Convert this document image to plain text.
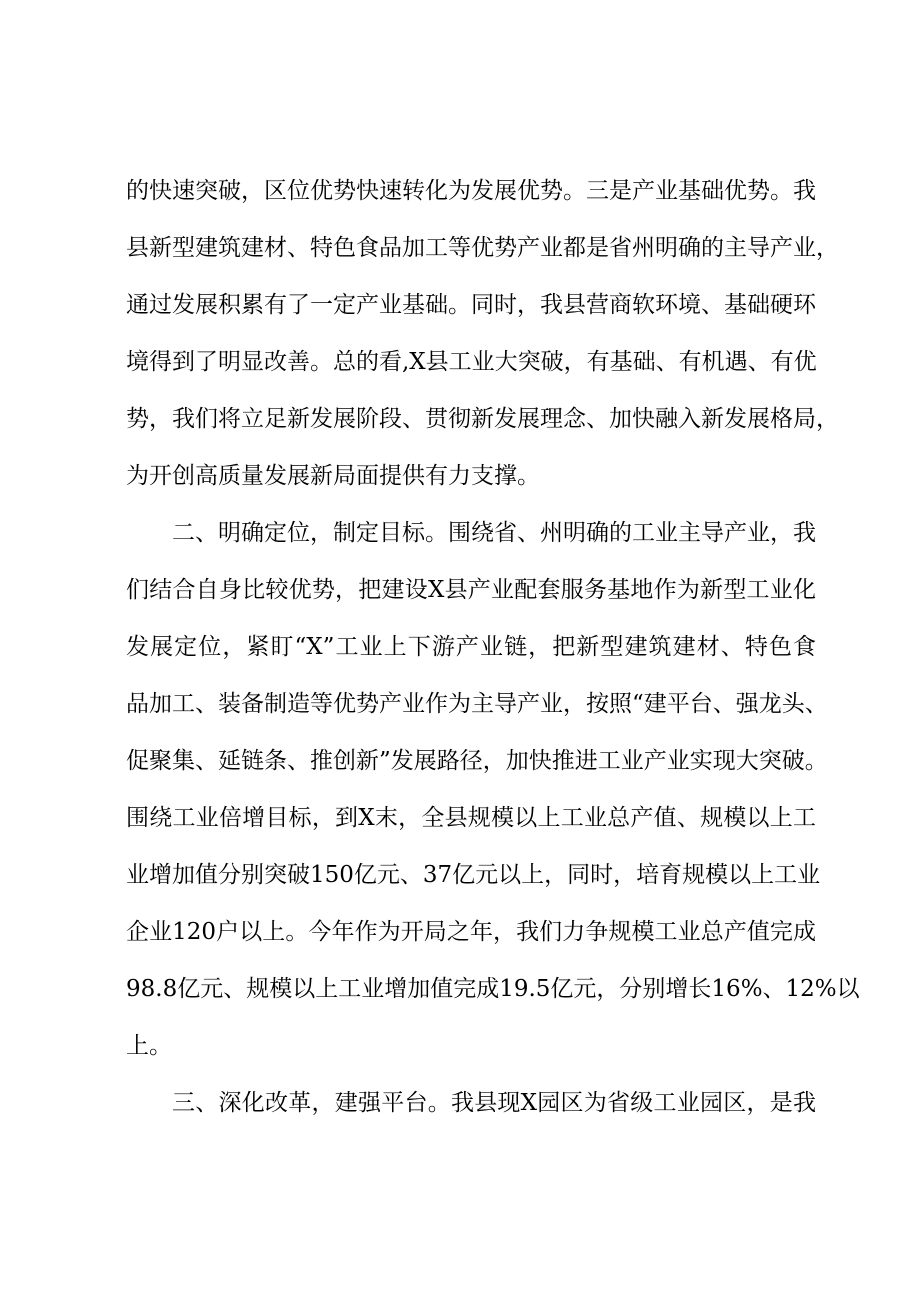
的快速突破，区位优势快速转化为发展优势。三是产业基础优势。我
县新型建筑建材、特色食品加工等优势产业都是省州明确的主导产业，
通过发展积累有了一定产业基础。同时，我县营商软环境、基础硬环
境得到了明显改善。总的看,X县工业大突破，有基础、有机遇、有优
势，我们将立足新发展阶段、贯彻新发展理念、加快融入新发展格局，
为开创高质量发展新局面提供有力支撑。
二、明确定位，制定目标。围绕省、州明确的工业主导产业，我
们结合自身比较优势，把建设X县产业配套服务基地作为新型工业化
发展定位，紧盯“X”工业上下游产业链，把新型建筑建材、特色食
品加工、装备制造等优势产业作为主导产业，按照“建平台、强龙头、
促聚集、延链条、推创新”发展路径，加快推进工业产业实现大突破。
围绕工业倍增目标，到X末，全县规模以上工业总产值、规模以上工
业增加值分别突破150亿元、37亿元以上，同时，培育规模以上工业
企业120户以上。今年作为开局之年，我们力争规模工业总产值完成
98.8亿元、规模以上工业增加值完成19.5亿元，分别增长16%、12%以
上。
三、深化改革，建强平台。我县现X园区为省级工业园区，是我
